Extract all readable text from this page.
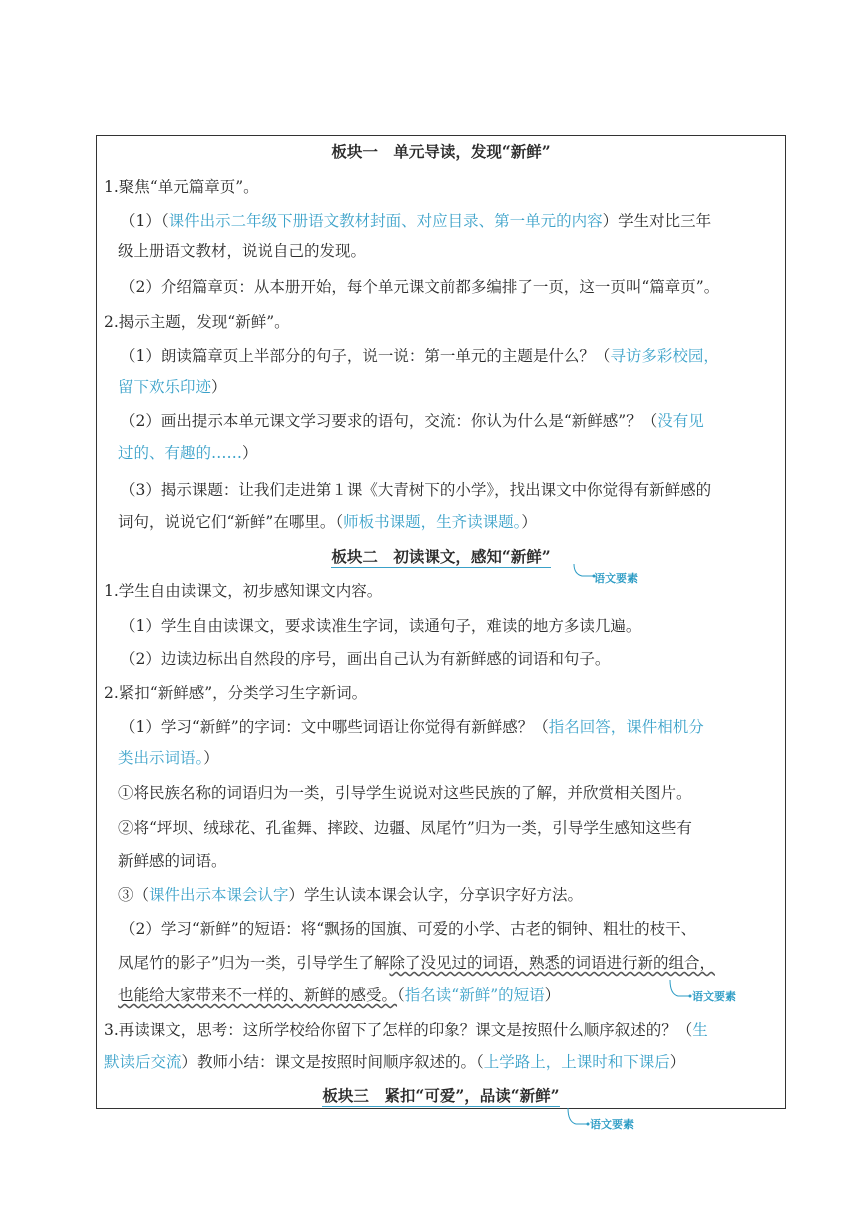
板块一　单元导读，发现“新鲜”
1.聚焦“单元篇章页”。
（1）（课件出示二年级下册语文教材封面、对应目录、第一单元的内容）学生对比三年
级上册语文教材，说说自己的发现。
（2）介绍篇章页：从本册开始，每个单元课文前都多编排了一页，这一页叫“篇章页”。
2.揭示主题，发现“新鲜”。
（1）朗读篇章页上半部分的句子，说一说：第一单元的主题是什么？（寻访多彩校园，
留下欢乐印迹）
（2）画出提示本单元课文学习要求的语句，交流：你认为什么是“新鲜感”？（没有见
过的、有趣的……）
（3）揭示课题：让我们走进第１课《大青树下的小学》，找出课文中你觉得有新鲜感的
词句，说说它们“新鲜”在哪里。（师板书课题，生齐读课题。）
板块二　初读课文，感知“新鲜”
语文要素
1.学生自由读课文，初步感知课文内容。
（1）学生自由读课文，要求读准生字词，读通句子，难读的地方多读几遍。
（2）边读边标出自然段的序号，画出自己认为有新鲜感的词语和句子。
2.紧扣“新鲜感”，分类学习生字新词。
（1）学习“新鲜”的字词：文中哪些词语让你觉得有新鲜感？（指名回答，课件相机分
类出示词语。）
①将民族名称的词语归为一类，引导学生说说对这些民族的了解，并欣赏相关图片。
②将“坪坝、绒球花、孔雀舞、摔跤、边疆、凤尾竹”归为一类，引导学生感知这些有
新鲜感的词语。
③（课件出示本课会认字）学生认读本课会认字，分享识字好方法。
（2）学习“新鲜”的短语：将“飘扬的国旗、可爱的小学、古老的铜钟、粗壮的枝干、
凤尾竹的影子”归为一类，引导学生了解除了没见过的词语，熟悉的词语进行新的组合，
也能给大家带来不一样的、新鲜的感受。（指名读“新鲜”的短语）	语文要素
3.再读课文，思考：这所学校给你留下了怎样的印象？课文是按照什么顺序叙述的？（生
默读后交流）教师小结：课文是按照时间顺序叙述的。（上学路上，上课时和下课后）
板块三　紧扣“可爱”，品读“新鲜”
语文要素
